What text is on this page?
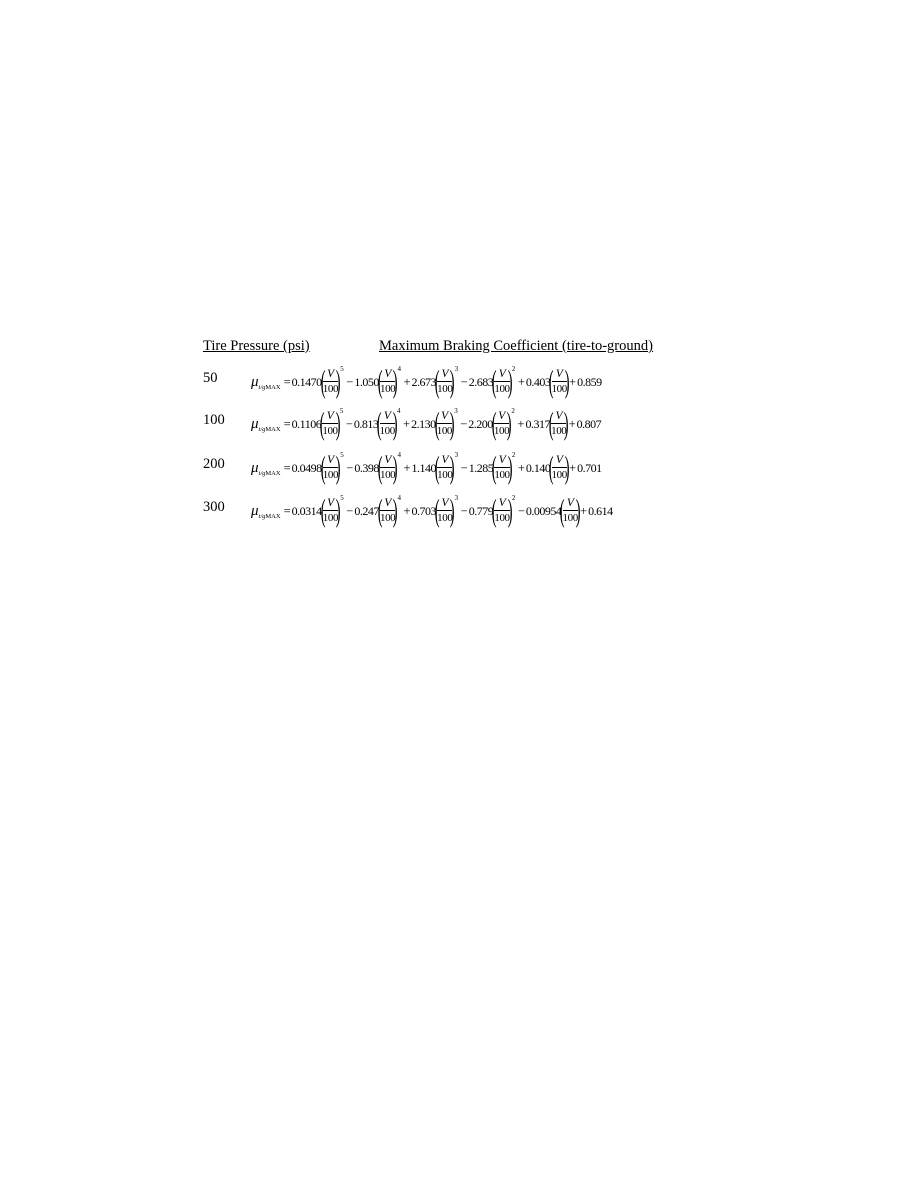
Tire Pressure (psi)	Maximum Braking Coefficient (tire-to-ground)
50 μ t/gMAX = 0.1470
(
$\frac{V}{100}$
) 5
− 1.050
(
$\frac{V}{100}$
) 4
+ 2.673
(
$\frac{V}{100}$
) 3
− 2.683
(
$\frac{V}{100}$
) 2
+ 0.403
(
$\frac{V}{100}$
) + 0.859
100 μ t/gMAX = 0.1106
(
$\frac{V}{100}$
) 5
− 0.813
(
$\frac{V}{100}$
) 4
+ 2.130
(
$\frac{V}{100}$
) 3
− 2.200
(
$\frac{V}{100}$
) 2
+ 0.317
(
$\frac{V}{100}$
) + 0.807
200 μ t/gMAX = 0.0498
(
$\frac{V}{100}$
) 5
− 0.398
(
$\frac{V}{100}$
) 4
+ 1.140
(
$\frac{V}{100}$
) 3
− 1.285
(
$\frac{V}{100}$
) 2
+ 0.140
(
$\frac{V}{100}$
) + 0.701
300 μ t/gMAX = 0.0314
(
$\frac{V}{100}$
) 5
− 0.247
(
$\frac{V}{100}$
) 4
+ 0.703
(
$\frac{V}{100}$
) 3
− 0.779
(
$\frac{V}{100}$
) 2
− 0.00954
(
$\frac{V}{100}$
) + 0.614
